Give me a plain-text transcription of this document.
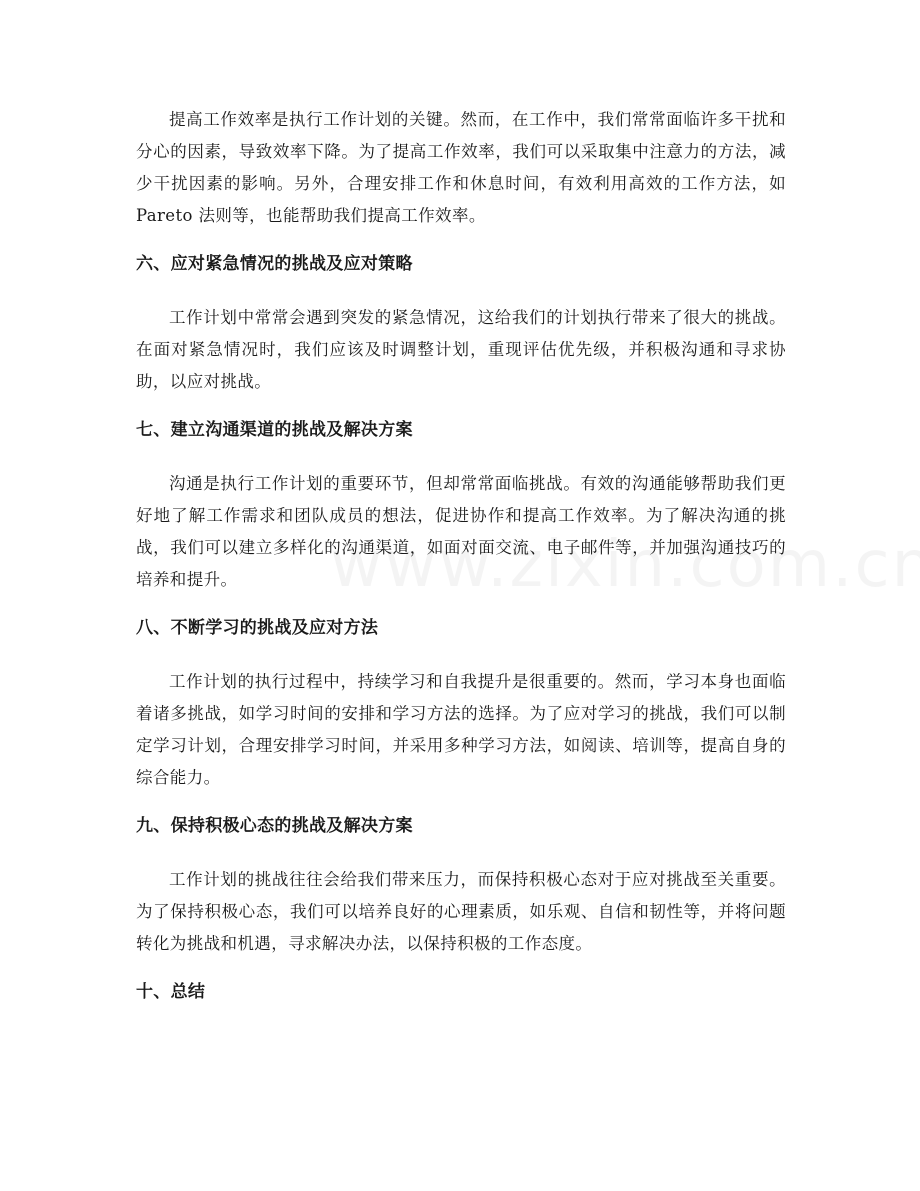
提高工作效率是执行工作计划的关键。然而，在工作中，我们常常面临许多干扰和分心的因素，导致效率下降。为了提高工作效率，我们可以采取集中注意力的方法，减少干扰因素的影响。另外，合理安排工作和休息时间，有效利用高效的工作方法，如 Pareto 法则等，也能帮助我们提高工作效率。

六、应对紧急情况的挑战及应对策略

工作计划中常常会遇到突发的紧急情况，这给我们的计划执行带来了很大的挑战。在面对紧急情况时，我们应该及时调整计划，重现评估优先级，并积极沟通和寻求协助，以应对挑战。

七、建立沟通渠道的挑战及解决方案

沟通是执行工作计划的重要环节，但却常常面临挑战。有效的沟通能够帮助我们更好地了解工作需求和团队成员的想法，促进协作和提高工作效率。为了解决沟通的挑战，我们可以建立多样化的沟通渠道，如面对面交流、电子邮件等，并加强沟通技巧的培养和提升。

八、不断学习的挑战及应对方法

工作计划的执行过程中，持续学习和自我提升是很重要的。然而，学习本身也面临着诸多挑战，如学习时间的安排和学习方法的选择。为了应对学习的挑战，我们可以制定学习计划，合理安排学习时间，并采用多种学习方法，如阅读、培训等，提高自身的综合能力。

九、保持积极心态的挑战及解决方案

工作计划的挑战往往会给我们带来压力，而保持积极心态对于应对挑战至关重要。为了保持积极心态，我们可以培养良好的心理素质，如乐观、自信和韧性等，并将问题转化为挑战和机遇，寻求解决办法，以保持积极的工作态度。

十、总结
